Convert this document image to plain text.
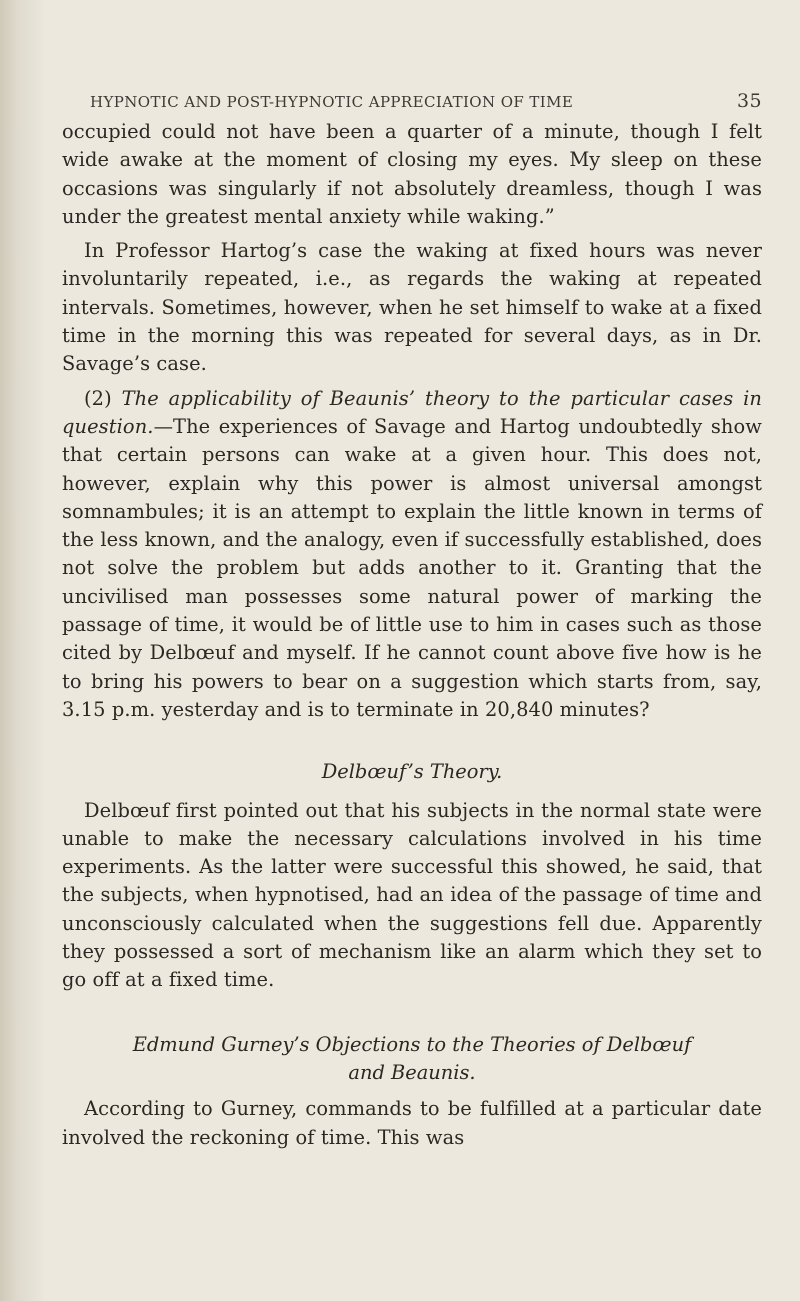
HYPNOTIC AND POST-HYPNOTIC APPRECIATION OF TIME	35

occupied could not have been a quarter of a minute, though I felt wide awake at the moment of closing my eyes. My sleep on these occasions was singularly if not absolutely dreamless, though I was under the greatest mental anxiety while waking.”

In Professor Hartog’s case the waking at fixed hours was never involuntarily repeated, i.e., as regards the waking at repeated intervals. Sometimes, however, when he set himself to wake at a fixed time in the morning this was repeated for several days, as in Dr. Savage’s case.

(2) The applicability of Beaunis’ theory to the particular cases in question.—The experiences of Savage and Hartog undoubtedly show that certain persons can wake at a given hour. This does not, however, explain why this power is almost universal amongst somnambules; it is an attempt to explain the little known in terms of the less known, and the analogy, even if successfully established, does not solve the problem but adds another to it. Granting that the uncivilised man possesses some natural power of marking the passage of time, it would be of little use to him in cases such as those cited by Delbœuf and myself. If he cannot count above five how is he to bring his powers to bear on a suggestion which starts from, say, 3.15 p.m. yesterday and is to terminate in 20,840 minutes?

Delbœuf’s Theory.

Delbœuf first pointed out that his subjects in the normal state were unable to make the necessary calculations involved in his time experiments. As the latter were successful this showed, he said, that the subjects, when hypnotised, had an idea of the passage of time and unconsciously calculated when the suggestions fell due. Apparently they possessed a sort of mechanism like an alarm which they set to go off at a fixed time.

Edmund Gurney’s Objections to the Theories of Delbœuf
and Beaunis.

According to Gurney, commands to be fulfilled at a particular date involved the reckoning of time. This was
